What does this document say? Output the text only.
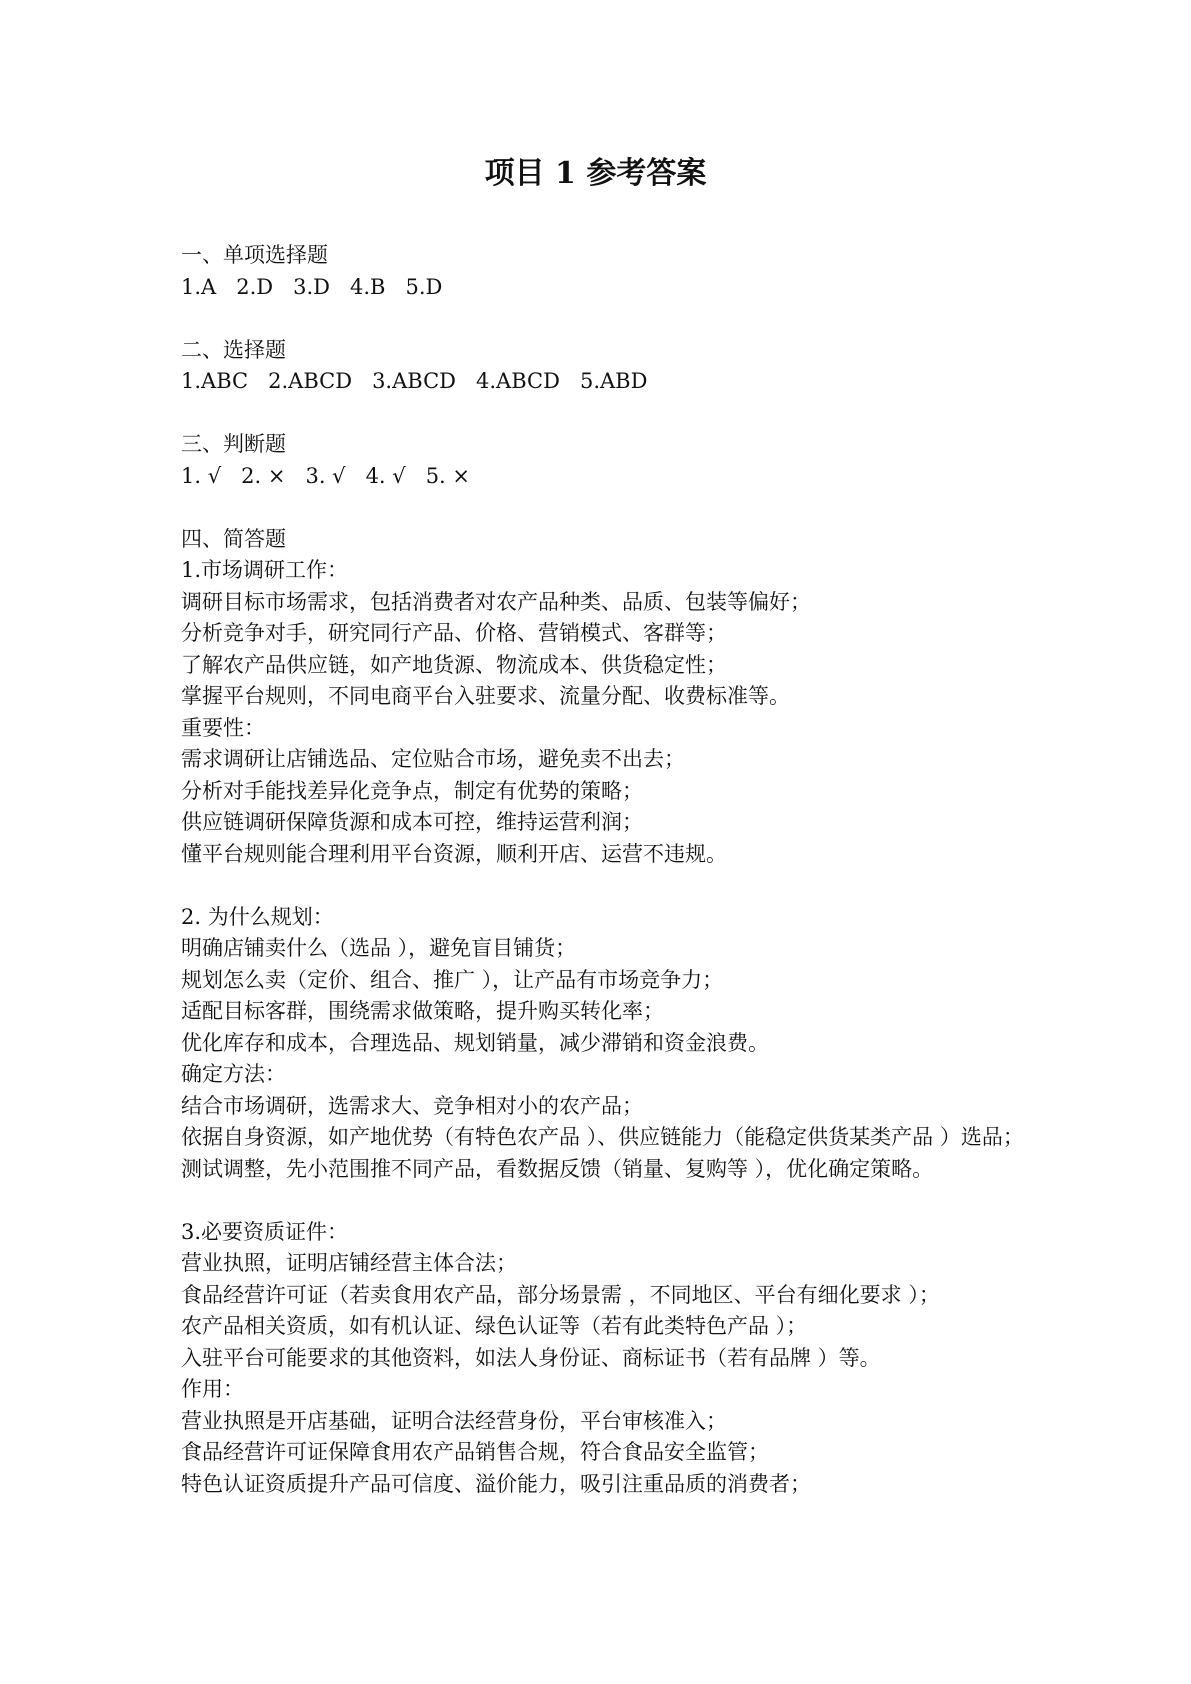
项目 1 参考答案

一、单项选择题

1.A   2.D   3.D   4.B   5.D

二、选择题

1.ABC   2.ABCD   3.ABCD   4.ABCD   5.ABD

三、判断题

1. √   2. ×   3. √   4. √   5. ×

四、简答题

1.市场调研工作：

调研目标市场需求，包括消费者对农产品种类、品质、包装等偏好；

分析竞争对手，研究同行产品、价格、营销模式、客群等；

了解农产品供应链，如产地货源、物流成本、供货稳定性；

掌握平台规则，不同电商平台入驻要求、流量分配、收费标准等。

重要性：

需求调研让店铺选品、定位贴合市场，避免卖不出去；

分析对手能找差异化竞争点，制定有优势的策略；

供应链调研保障货源和成本可控，维持运营利润；

懂平台规则能合理利用平台资源，顺利开店、运营不违规。

2. 为什么规划：

明确店铺卖什么（选品 ），避免盲目铺货；

规划怎么卖（定价、组合、推广 ），让产品有市场竞争力；

适配目标客群，围绕需求做策略，提升购买转化率；

优化库存和成本，合理选品、规划销量，减少滞销和资金浪费。

确定方法：

结合市场调研，选需求大、竞争相对小的农产品；

依据自身资源，如产地优势（有特色农产品 ）、供应链能力（能稳定供货某类产品 ）选品；

测试调整，先小范围推不同产品，看数据反馈（销量、复购等 ），优化确定策略。

3.必要资质证件：

营业执照，证明店铺经营主体合法；

食品经营许可证（若卖食用农产品，部分场景需 ，不同地区、平台有细化要求 ）；

农产品相关资质，如有机认证、绿色认证等（若有此类特色产品 ）；

入驻平台可能要求的其他资料，如法人身份证、商标证书（若有品牌 ）等。

作用：

营业执照是开店基础，证明合法经营身份，平台审核准入；

食品经营许可证保障食用农产品销售合规，符合食品安全监管；

特色认证资质提升产品可信度、溢价能力，吸引注重品质的消费者；
